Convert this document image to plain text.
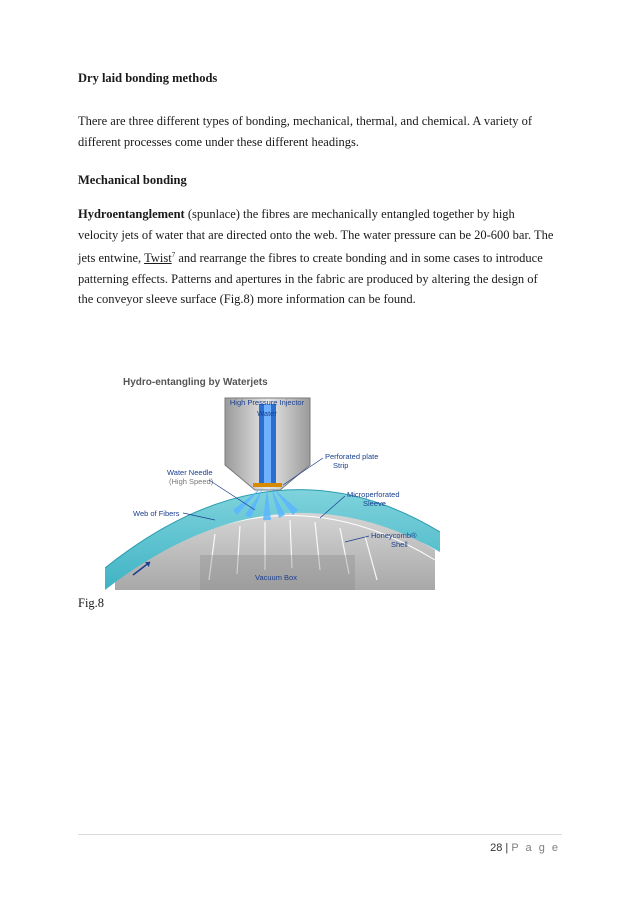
Dry laid bonding methods

There are three different types of bonding, mechanical, thermal, and chemical. A variety of different processes come under these different headings.

Mechanical bonding

Hydroentanglement (spunlace) the fibres are mechanically entangled together by high velocity jets of water that are directed onto the web. The water pressure can be 20-600 bar. The jets entwine, Twist$^7$ and rearrange the fibres to create bonding and in some cases to introduce patterning effects. Patterns and apertures in the fabric are produced by altering the design of the conveyor sleeve surface (Fig.8) more information can be found.

Hydro-entangling by Waterjets
High Pressure Injector
Water
Perforated plate
Strip
Water Needle
(High Speed)
Web of Fibers
Microperforated
Sleeve
Honeycomb®
Shell
Vacuum Box
Fig.8
28 | P a g e
